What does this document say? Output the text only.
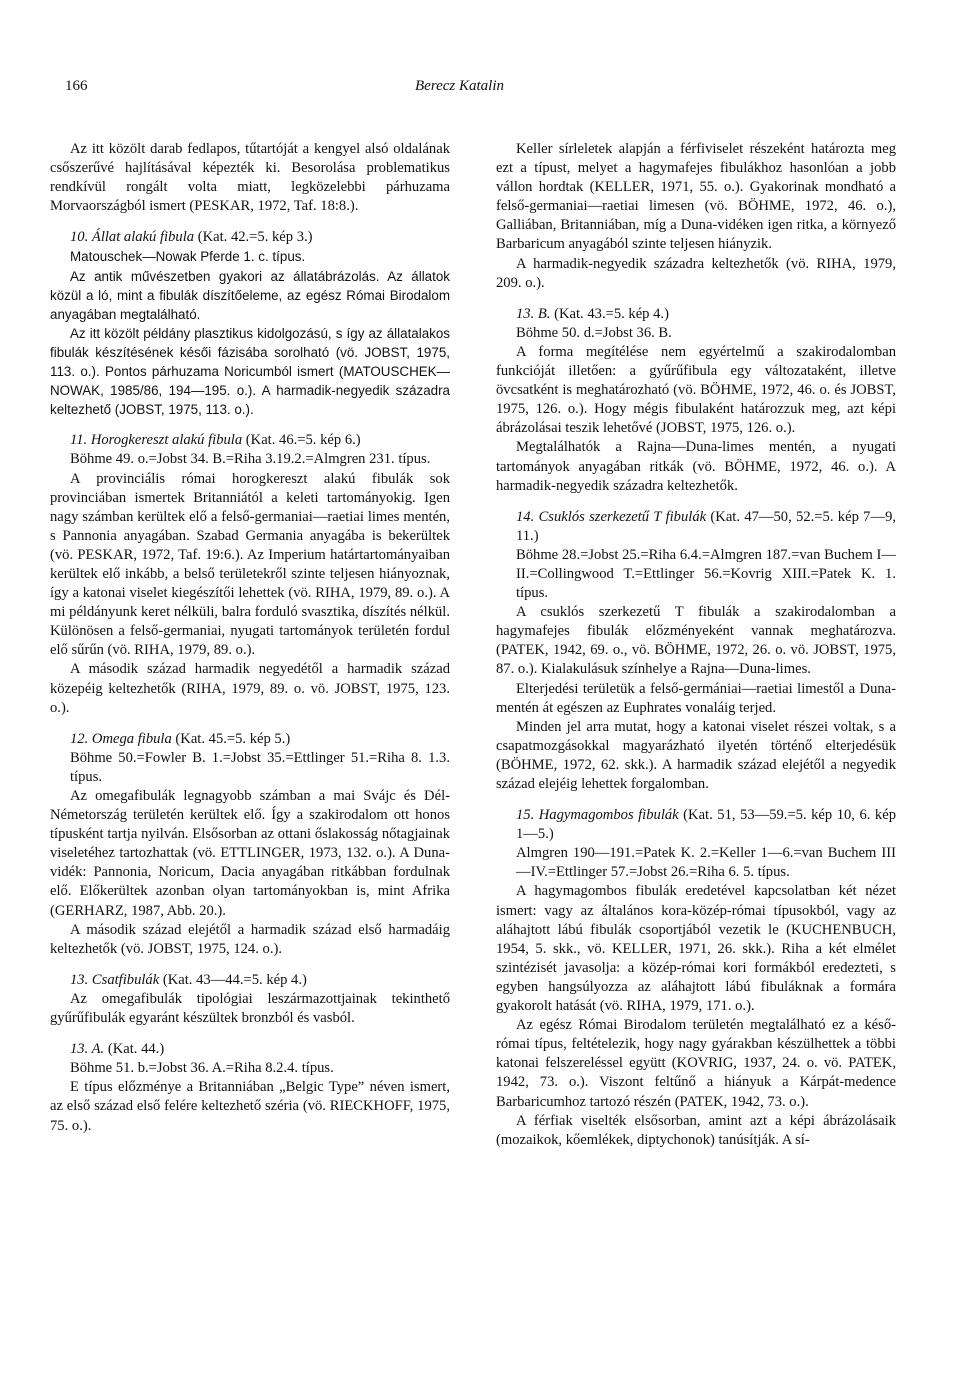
166	Berecz Katalin

Az itt közölt darab fedlapos, tűtartóját a kengyel alsó oldalának csőszerűvé hajlításával képezték ki. Besorolása problematikus rendkívül rongált volta miatt, legközelebbi párhuzama Morvaországból ismert (PESKAR, 1972, Taf. 18:8.).

10. Állat alakú fibula (Kat. 42.=5. kép 3.)

Matouschek—Nowak Pferde 1. c. típus.

Az antik művészetben gyakori az állatábrázolás. Az állatok közül a ló, mint a fibulák díszítőeleme, az egész Római Birodalom anyagában megtalálható.

Az itt közölt példány plasztikus kidolgozású, s így az állatalakos fibulák készítésének késői fázisába sorolható (vö. JOBST, 1975, 113. o.). Pontos párhuzama Noricumból ismert (MATOUSCHEK—NOWAK, 1985/86, 194—195. o.). A harmadik-negyedik századra keltezhető (JOBST, 1975, 113. o.).

11. Horogkereszt alakú fibula (Kat. 46.=5. kép 6.)

Böhme 49. o.=Jobst 34. B.=Riha 3.19.2.=Almgren 231. típus.

A provinciális római horogkereszt alakú fibulák sok provinciában ismertek Britanniától a keleti tartományokig. Igen nagy számban kerültek elő a felső-germaniai—raetiai limes mentén, s Pannonia anyagában. Szabad Germania anyagába is bekerültek (vö. PESKAR, 1972, Taf. 19:6.). Az Imperium határtartományaiban kerültek elő inkább, a belső területekről szinte teljesen hiányoznak, így a katonai viselet kiegészítői lehettek (vö. RIHA, 1979, 89. o.). A mi példányunk keret nélküli, balra forduló svasztika, díszítés nélkül. Különösen a felső-germaniai, nyugati tartományok területén fordul elő sűrűn (vö. RIHA, 1979, 89. o.).

A második század harmadik negyedétől a harmadik század közepéig keltezhetők (RIHA, 1979, 89. o. vö. JOBST, 1975, 123. o.).

12. Omega fibula (Kat. 45.=5. kép 5.)

Böhme 50.=Fowler B. 1.=Jobst 35.=Ettlinger 51.=Riha 8. 1.3. típus.

Az omegafibulák legnagyobb számban a mai Svájc és Dél-Németország területén kerültek elő. Így a szakirodalom ott honos típusként tartja nyilván. Elsősorban az ottani őslakosság nőtagjainak viseletéhez tartozhattak (vö. ETTLINGER, 1973, 132. o.). A Duna-vidék: Pannonia, Noricum, Dacia anyagában ritkábban fordulnak elő. Előkerültek azonban olyan tartományokban is, mint Afrika (GERHARZ, 1987, Abb. 20.).

A második század elejétől a harmadik század első harmadáig keltezhetők (vö. JOBST, 1975, 124. o.).

13. Csatfibulák (Kat. 43—44.=5. kép 4.)

Az omegafibulák tipológiai leszármazottjainak tekinthető gyűrűfibulák egyaránt készültek bronzból és vasból.

13. A. (Kat. 44.)

Böhme 51. b.=Jobst 36. A.=Riha 8.2.4. típus.

E típus előzménye a Britanniában „Belgic Type” néven ismert, az első század első felére keltezhető széria (vö. RIECKHOFF, 1975, 75. o.).

Keller sírleletek alapján a férfiviselet részeként határozta meg ezt a típust, melyet a hagymafejes fibulákhoz hasonlóan a jobb vállon hordtak (KELLER, 1971, 55. o.). Gyakorinak mondható a felső-germaniai—raetiai limesen (vö. BÖHME, 1972, 46. o.), Galliában, Britanniában, míg a Duna-vidéken igen ritka, a környező Barbaricum anyagából szinte teljesen hiányzik.

A harmadik-negyedik századra keltezhetők (vö. RIHA, 1979, 209. o.).

13. B. (Kat. 43.=5. kép 4.)

Böhme 50. d.=Jobst 36. B.

A forma megítélése nem egyértelmű a szakirodalomban funkcióját illetően: a gyűrűfibula egy változataként, illetve övcsatként is meghatározható (vö. BÖHME, 1972, 46. o. és JOBST, 1975, 126. o.). Hogy mégis fibulaként határozzuk meg, azt képi ábrázolásai teszik lehetővé (JOBST, 1975, 126. o.).

Megtalálhatók a Rajna—Duna-limes mentén, a nyugati tartományok anyagában ritkák (vö. BÖHME, 1972, 46. o.). A harmadik-negyedik századra keltezhetők.

14. Csuklós szerkezetű T fibulák (Kat. 47—50, 52.=5. kép 7—9, 11.)

Böhme 28.=Jobst 25.=Riha 6.4.=Almgren 187.=van Buchem I—II.=Collingwood T.=Ettlinger 56.=Kovrig XIII.=Patek K. 1. típus.

A csuklós szerkezetű T fibulák a szakirodalomban a hagymafejes fibulák előzményeként vannak meghatározva. (PATEK, 1942, 69. o., vö. BÖHME, 1972, 26. o. vö. JOBST, 1975, 87. o.). Kialakulásuk színhelye a Rajna—Duna-limes.

Elterjedési területük a felső-germániai—raetiai limestől a Duna-mentén át egészen az Euphrates vonaláig terjed.

Minden jel arra mutat, hogy a katonai viselet részei voltak, s a csapatmozgásokkal magyarázható ilyetén történő elterjedésük (BÖHME, 1972, 62. skk.). A harmadik század elejétől a negyedik század elejéig lehettek forgalomban.

15. Hagymagombos fibulák (Kat. 51, 53—59.=5. kép 10, 6. kép 1—5.)

Almgren 190—191.=Patek K. 2.=Keller 1—6.=van Buchem III—IV.=Ettlinger 57.=Jobst 26.=Riha 6. 5. típus.

A hagymagombos fibulák eredetével kapcsolatban két nézet ismert: vagy az általános kora-közép-római típusokból, vagy az aláhajtott lábú fibulák csoportjából vezetik le (KUCHENBUCH, 1954, 5. skk., vö. KELLER, 1971, 26. skk.). Riha a két elmélet szintézisét javasolja: a közép-római kori formákból eredezteti, s egyben hangsúlyozza az aláhajtott lábú fibuláknak a formára gyakorolt hatását (vö. RIHA, 1979, 171. o.).

Az egész Római Birodalom területén megtalálható ez a késő-római típus, feltételezik, hogy nagy gyárakban készülhettek a többi katonai felszereléssel együtt (KOVRIG, 1937, 24. o. vö. PATEK, 1942, 73. o.). Viszont feltűnő a hiányuk a Kárpát-medence Barbaricumhoz tartozó részén (PATEK, 1942, 73. o.).

A férfiak viselték elsősorban, amint azt a képi ábrázolásaik (mozaikok, kőemlékek, diptychonok) tanúsítják. A sí-
